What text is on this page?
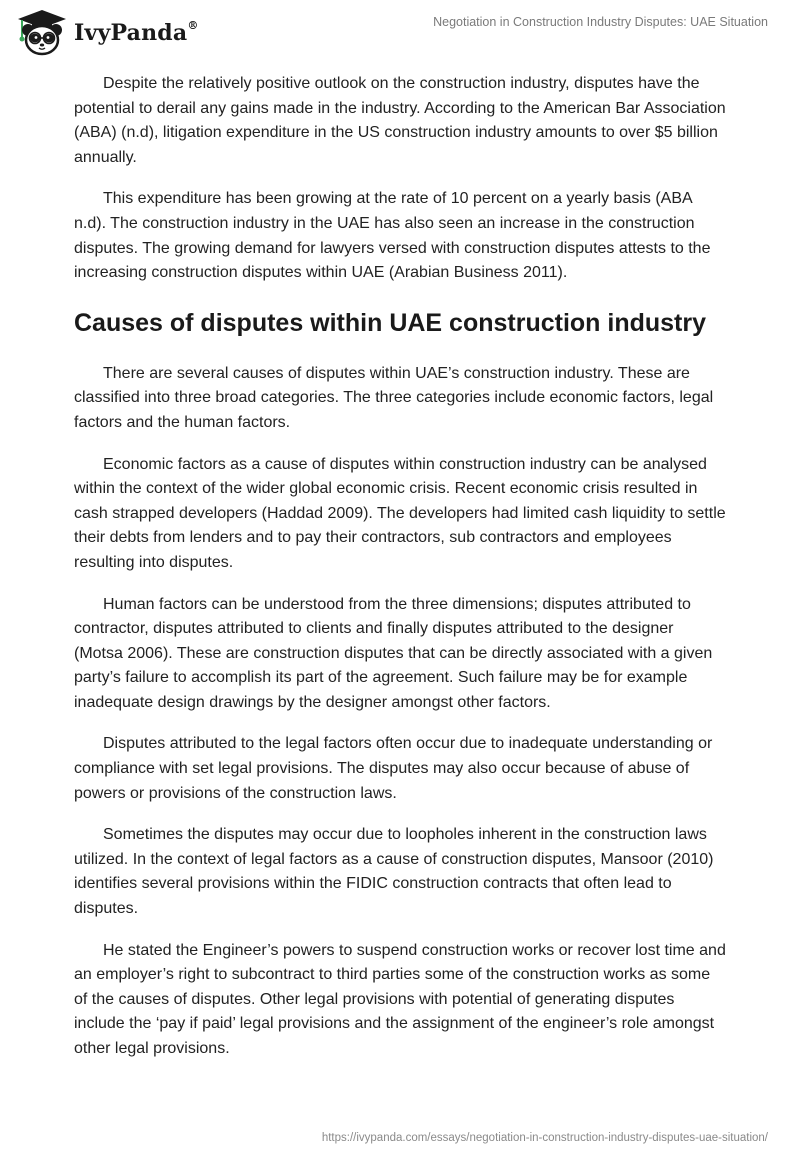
IvyPanda®	Negotiation in Construction Industry Disputes: UAE Situation

Despite the relatively positive outlook on the construction industry, disputes have the potential to derail any gains made in the industry. According to the American Bar Association (ABA) (n.d), litigation expenditure in the US construction industry amounts to over $5 billion annually.

This expenditure has been growing at the rate of 10 percent on a yearly basis (ABA n.d). The construction industry in the UAE has also seen an increase in the construction disputes. The growing demand for lawyers versed with construction disputes attests to the increasing construction disputes within UAE (Arabian Business 2011).

Causes of disputes within UAE construction industry

There are several causes of disputes within UAE’s construction industry. These are classified into three broad categories. The three categories include economic factors, legal factors and the human factors.

Economic factors as a cause of disputes within construction industry can be analysed within the context of the wider global economic crisis. Recent economic crisis resulted in cash strapped developers (Haddad 2009). The developers had limited cash liquidity to settle their debts from lenders and to pay their contractors, sub contractors and employees resulting into disputes.

Human factors can be understood from the three dimensions; disputes attributed to contractor, disputes attributed to clients and finally disputes attributed to the designer (Motsa 2006). These are construction disputes that can be directly associated with a given party’s failure to accomplish its part of the agreement. Such failure may be for example inadequate design drawings by the designer amongst other factors.

Disputes attributed to the legal factors often occur due to inadequate understanding or compliance with set legal provisions. The disputes may also occur because of abuse of powers or provisions of the construction laws.

Sometimes the disputes may occur due to loopholes inherent in the construction laws utilized. In the context of legal factors as a cause of construction disputes, Mansoor (2010) identifies several provisions within the FIDIC construction contracts that often lead to disputes.

He stated the Engineer’s powers to suspend construction works or recover lost time and an employer’s right to subcontract to third parties some of the construction works as some of the causes of disputes. Other legal provisions with potential of generating disputes include the ‘pay if paid’ legal provisions and the assignment of the engineer’s role amongst other legal provisions.

https://ivypanda.com/essays/negotiation-in-construction-industry-disputes-uae-situation/
